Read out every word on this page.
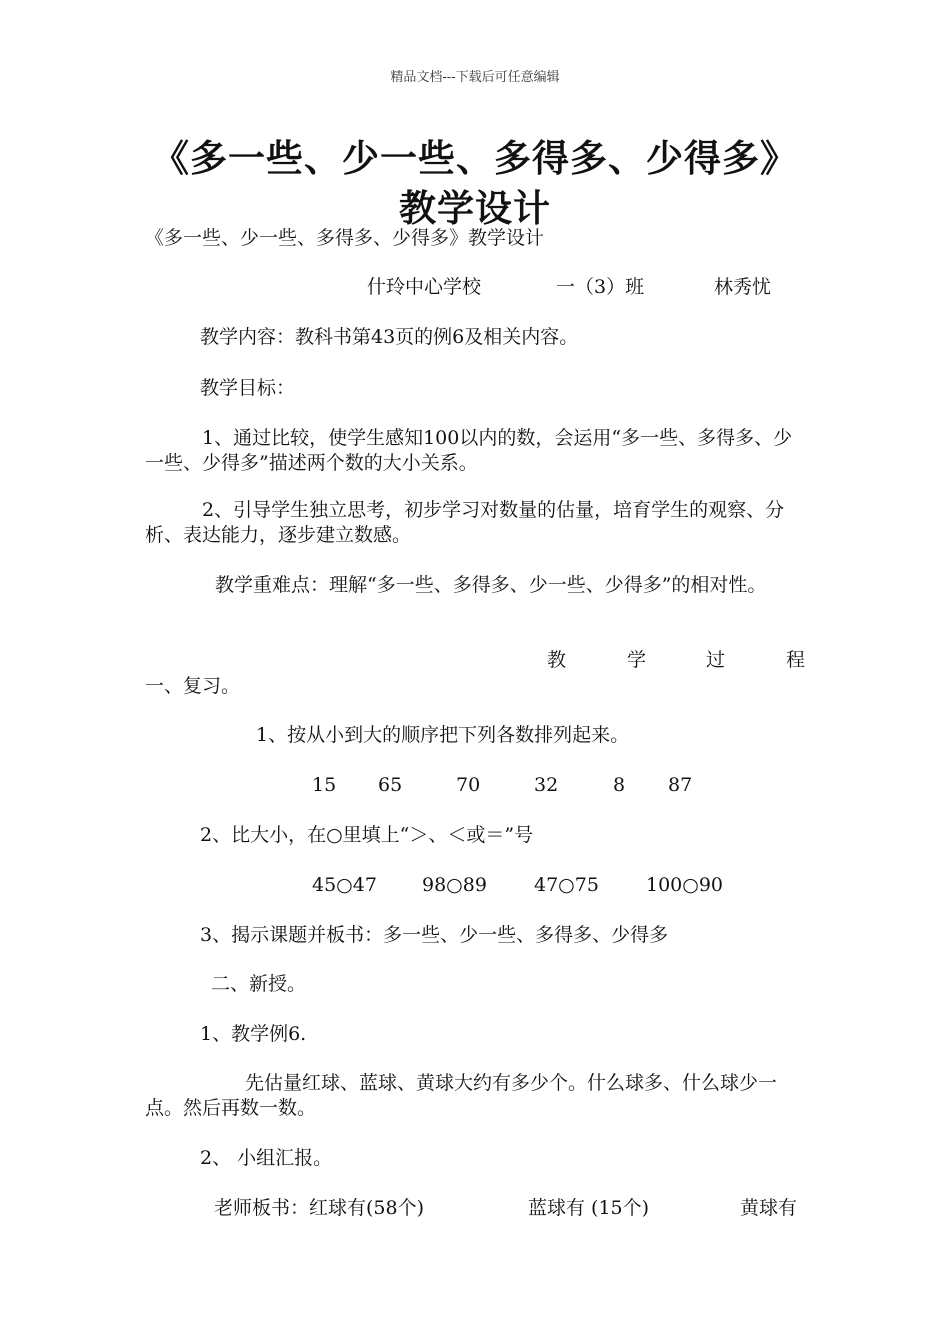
精品文档---下载后可任意编辑
《多一些、少一些、多得多、少得多》
教学设计
《多一些、少一些、多得多、少得多》教学设计
什玲中心学校	一（3）班	林秀忧
教学内容：教科书第43页的例6及相关内容。
教学目标：
1、通过比较，使学生感知100以内的数，会运用“多一些、多得多、少一些、少得多”描述两个数的大小关系。
2、引导学生独立思考，初步学习对数量的估量，培育学生的观察、分析、表达能力，逐步建立数感。
教学重难点：理解“多一些、多得多、少一些、少得多”的相对性。
教	学	过	程
一、复习。
1、按从小到大的顺序把下列各数排列起来。
15 65	70	32	8 87
2、比大小，在○里填上“＞、＜或＝”号
45○47 98○89 47○75 100○90
3、揭示课题并板书：多一些、少一些、多得多、少得多
二、新授。
1、教学例6.
先估量红球、蓝球、黄球大约有多少个。什么球多、什么球少一点。然后再数一数。
2、 小组汇报。
老师板书：红球有(58个)	蓝球有 (15个)	黄球有
